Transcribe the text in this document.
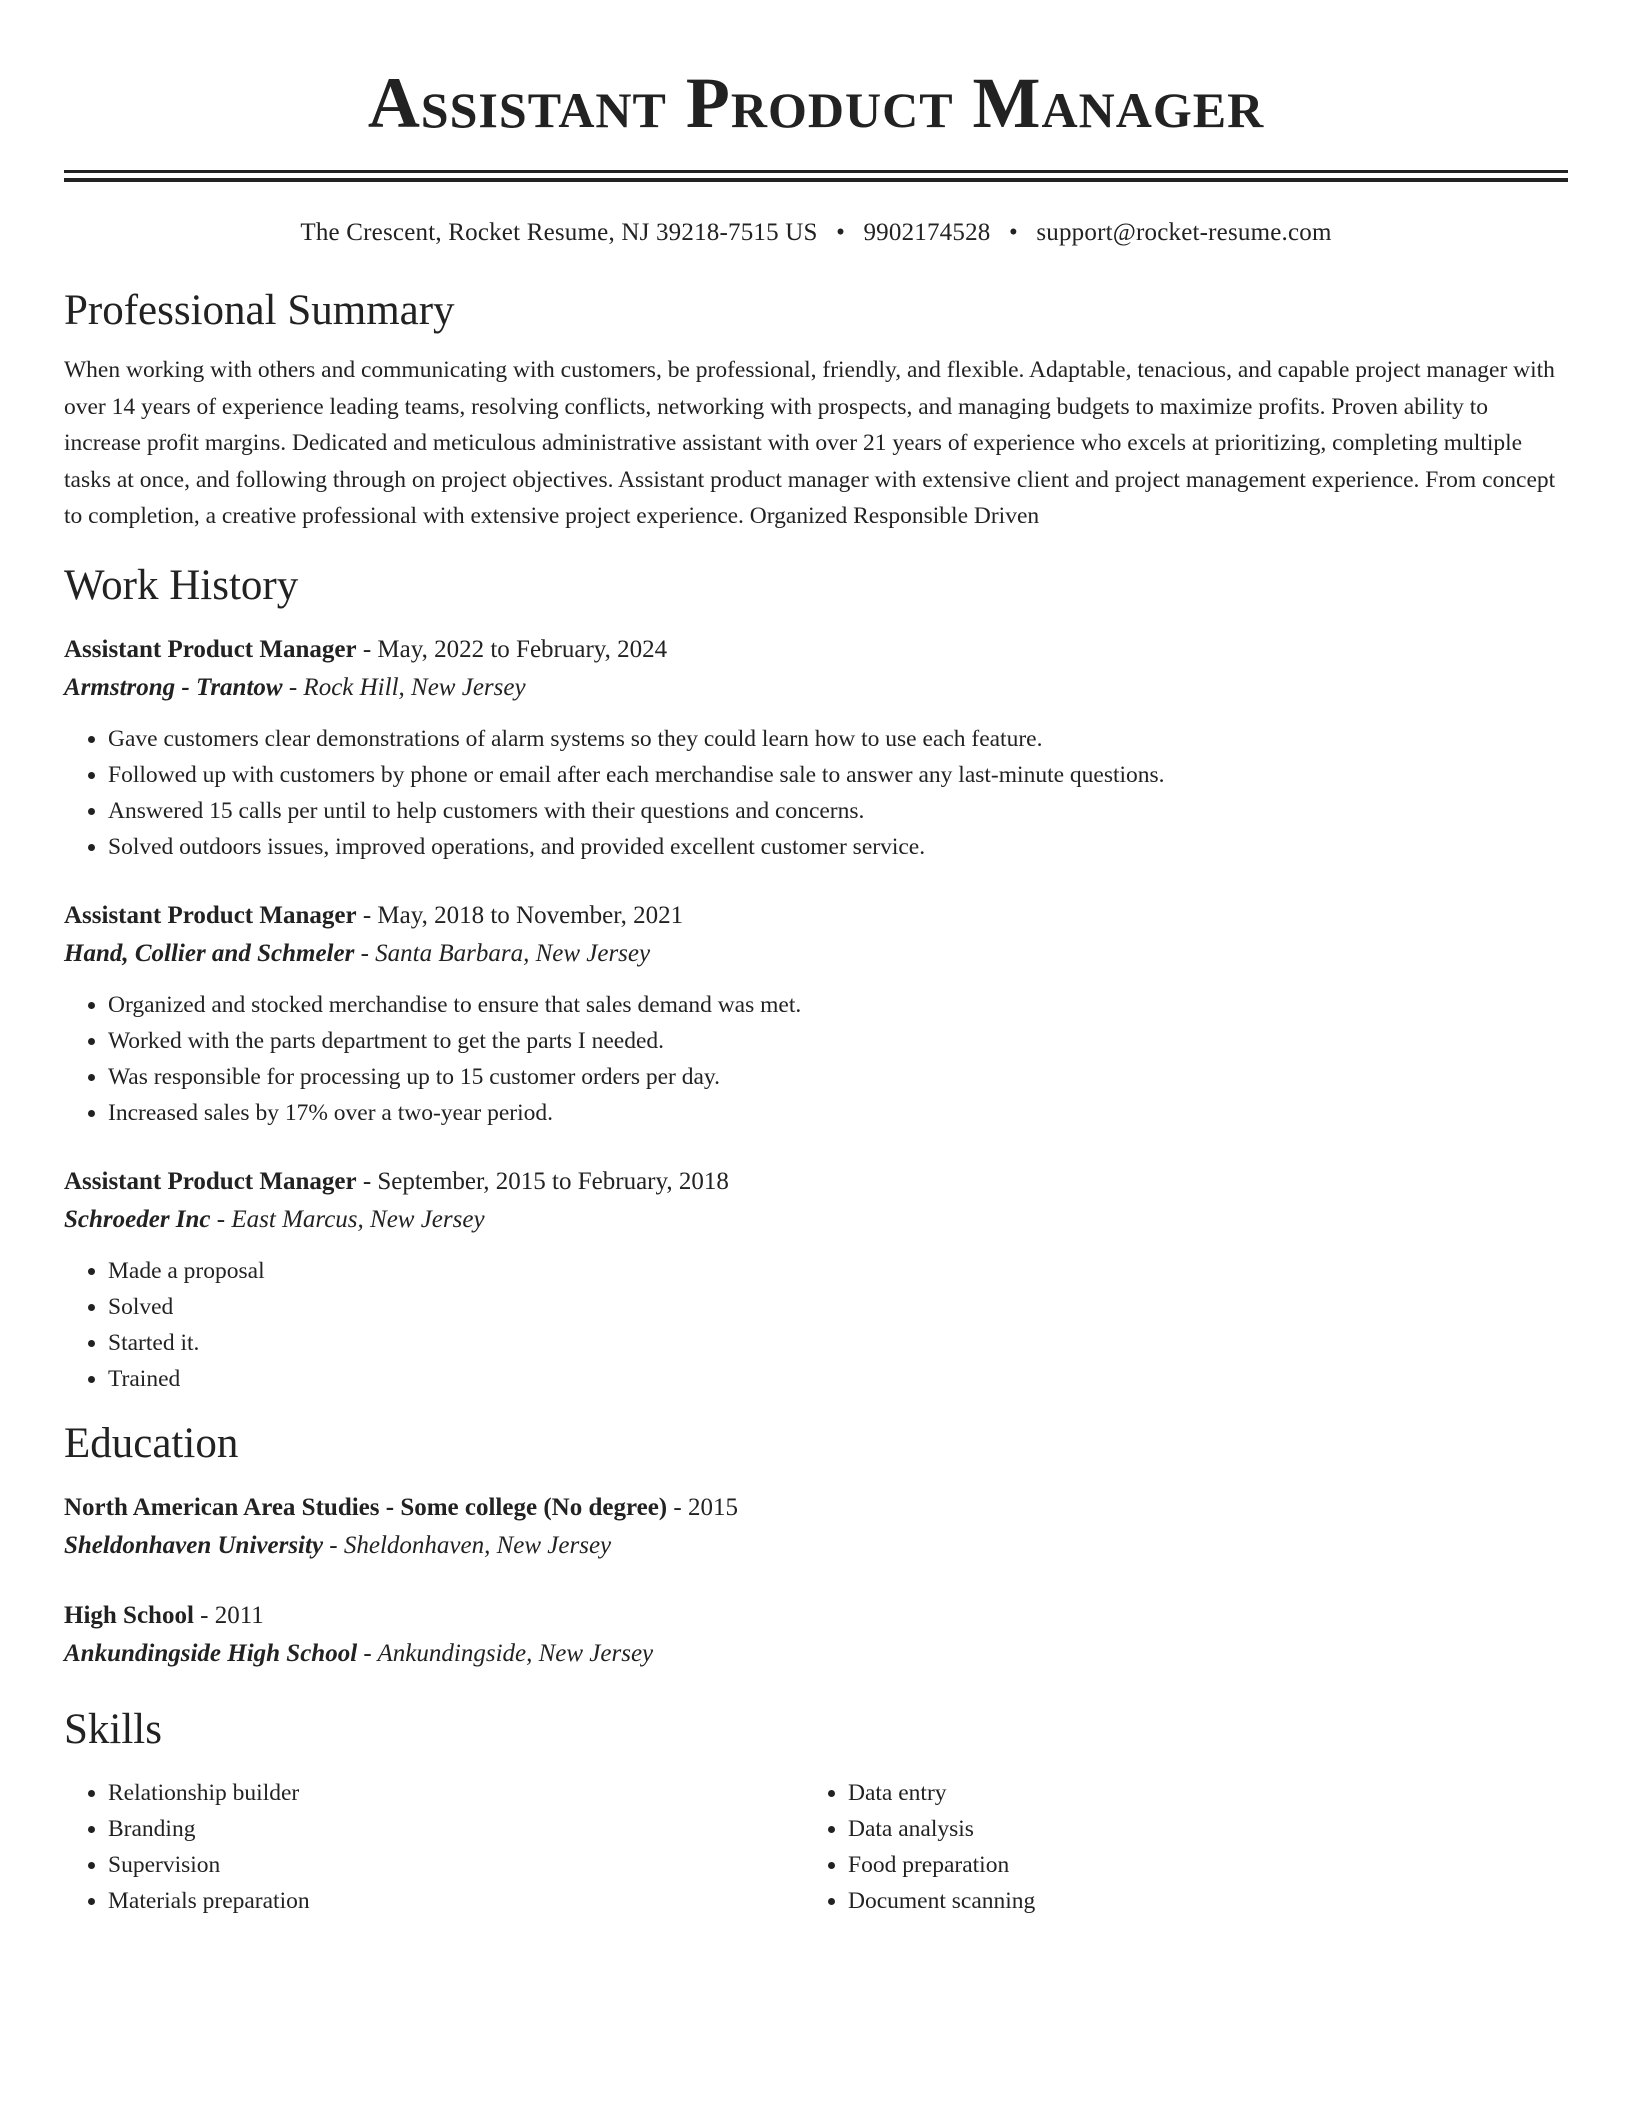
Assistant Product Manager
The Crescent, Rocket Resume, NJ 39218-7515 US • 9902174528 • support@rocket-resume.com
Professional Summary
When working with others and communicating with customers, be professional, friendly, and flexible. Adaptable, tenacious, and capable project manager with over 14 years of experience leading teams, resolving conflicts, networking with prospects, and managing budgets to maximize profits. Proven ability to increase profit margins. Dedicated and meticulous administrative assistant with over 21 years of experience who excels at prioritizing, completing multiple tasks at once, and following through on project objectives. Assistant product manager with extensive client and project management experience. From concept to completion, a creative professional with extensive project experience. Organized Responsible Driven
Work History
Assistant Product Manager - May, 2022 to February, 2024
Armstrong - Trantow - Rock Hill, New Jersey
• Gave customers clear demonstrations of alarm systems so they could learn how to use each feature.
• Followed up with customers by phone or email after each merchandise sale to answer any last-minute questions.
• Answered 15 calls per until to help customers with their questions and concerns.
• Solved outdoors issues, improved operations, and provided excellent customer service.
Assistant Product Manager - May, 2018 to November, 2021
Hand, Collier and Schmeler - Santa Barbara, New Jersey
• Organized and stocked merchandise to ensure that sales demand was met.
• Worked with the parts department to get the parts I needed.
• Was responsible for processing up to 15 customer orders per day.
• Increased sales by 17% over a two-year period.
Assistant Product Manager - September, 2015 to February, 2018
Schroeder Inc - East Marcus, New Jersey
• Made a proposal
• Solved
• Started it.
• Trained
Education
North American Area Studies - Some college (No degree) - 2015
Sheldonhaven University - Sheldonhaven, New Jersey
High School - 2011
Ankundingside High School - Ankundingside, New Jersey
Skills
• Relationship builder
• Branding
• Supervision
• Materials preparation
• Data entry
• Data analysis
• Food preparation
• Document scanning
